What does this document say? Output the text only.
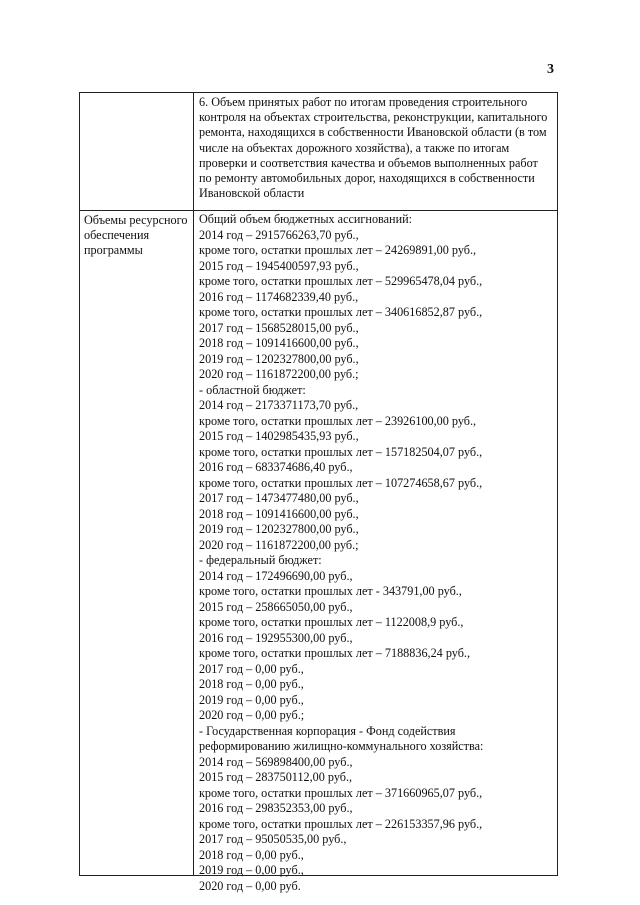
3
6. Объем принятых работ по итогам проведения строительного контроля на объектах строительства, реконструкции, капитального ремонта, находящихся в собственности Ивановской области (в том числе на объектах дорожного хозяйства), а также по итогам проверки и соответствия качества и объемов выполненных работ по ремонту автомобильных дорог, находящихся в собственности Ивановской области
Объемы ресурсного обеспечения программы
Общий объем бюджетных ассигнований:
2014 год – 2915766263,70 руб.,
кроме того, остатки прошлых лет – 24269891,00 руб.,
2015 год – 1945400597,93 руб.,
кроме того, остатки прошлых лет – 529965478,04 руб.,
2016 год – 1174682339,40 руб.,
кроме того, остатки прошлых лет – 340616852,87 руб.,
2017 год – 1568528015,00 руб.,
2018 год – 1091416600,00 руб.,
2019 год – 1202327800,00 руб.,
2020 год – 1161872200,00 руб.;
- областной бюджет:
2014 год – 2173371173,70 руб.,
кроме того, остатки прошлых лет – 23926100,00 руб.,
2015 год – 1402985435,93 руб.,
кроме того, остатки прошлых лет – 157182504,07 руб.,
2016 год – 683374686,40 руб.,
кроме того, остатки прошлых лет – 107274658,67 руб.,
2017 год – 1473477480,00 руб.,
2018 год – 1091416600,00 руб.,
2019 год – 1202327800,00 руб.,
2020 год – 1161872200,00 руб.;
- федеральный бюджет:
2014 год – 172496690,00 руб.,
кроме того, остатки прошлых лет - 343791,00 руб.,
2015 год – 258665050,00 руб.,
кроме того, остатки прошлых лет – 1122008,9 руб.,
2016 год – 192955300,00 руб.,
кроме того, остатки прошлых лет – 7188836,24 руб.,
2017 год – 0,00 руб.,
2018 год – 0,00 руб.,
2019 год – 0,00 руб.,
2020 год – 0,00 руб.;
- Государственная корпорация - Фонд содействия
реформированию жилищно-коммунального хозяйства:
2014 год – 569898400,00 руб.,
2015 год – 283750112,00 руб.,
кроме того, остатки прошлых лет – 371660965,07 руб.,
2016 год – 298352353,00 руб.,
кроме того, остатки прошлых лет – 226153357,96 руб.,
2017 год – 95050535,00 руб.,
2018 год – 0,00 руб.,
2019 год – 0,00 руб.,
2020 год – 0,00 руб.
